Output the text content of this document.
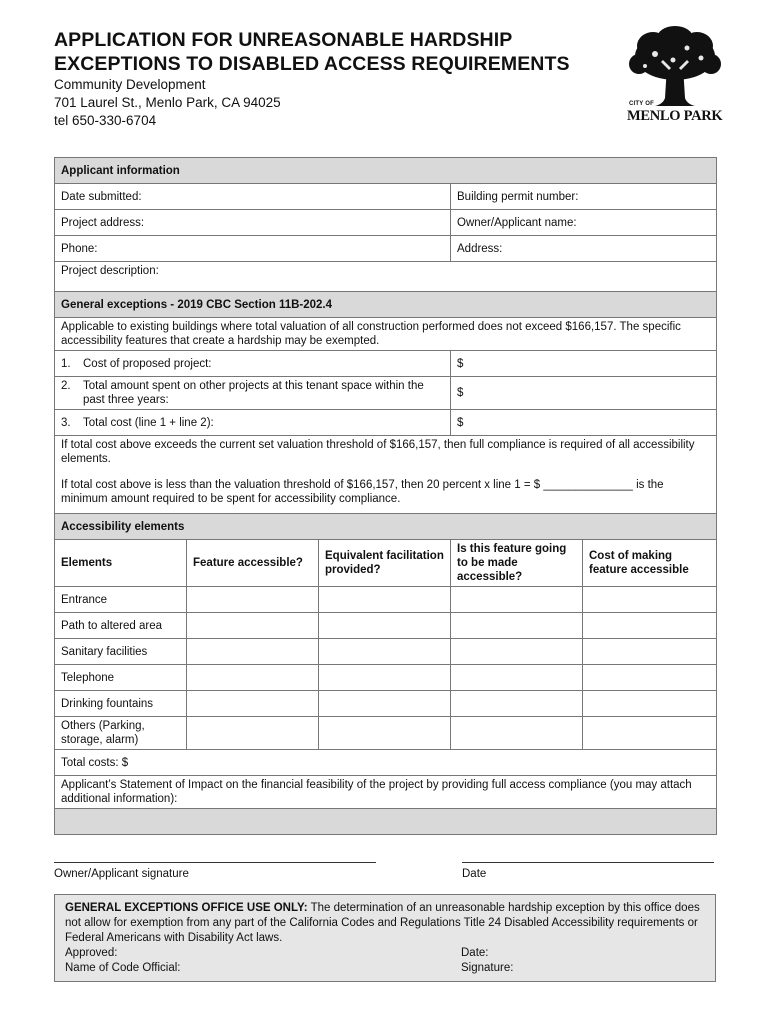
APPLICATION FOR UNREASONABLE HARDSHIP
EXCEPTIONS TO DISABLED ACCESS REQUIREMENTS
Community Development
701 Laurel St., Menlo Park, CA 94025
tel 650-330-6704
CITY OF
MENLO PARK
Applicant information				
Date submitted:			Building permit number:	
Project address:			Owner/Applicant name:	
Phone:			Address:	
Project description:				
General exceptions - 2019 CBC Section 11B-202.4				
Applicable to existing buildings where total valuation of all construction performed does not exceed $166,157. The specific accessibility features that create a hardship may be exempted.				
1. Cost of proposed project:			$	

2. Total amount spent on other projects at this tenant space within the past three years:			$	
3. Total cost (line 1 + line 2):			$	

If total cost above exceeds the current set valuation threshold of $166,157, then full compliance is required of all accessibility elements.
If total cost above is less than the valuation threshold of $166,157, then 20 percent x line 1 = $ ______________ is the minimum amount required to be spent for accessibility compliance.				

Accessibility elements				
Elements	Feature accessible?	Equivalent facilitation provided?	Is this feature going to be made accessible?	Cost of making feature accessible
Entrance				
Path to altered area				
Sanitary facilities				
Telephone				
Drinking fountains				
Others (Parking, storage, alarm)				
Total costs: $				
Applicant’s Statement of Impact on the financial feasibility of the project by providing full access compliance (you may attach additional information):				

Owner/Applicant signature	Date
GENERAL EXCEPTIONS OFFICE USE ONLY: The determination of an unreasonable hardship exception by this office does not allow for exemption from any part of the California Codes and Regulations Title 24 Disabled Accessibility requirements or Federal Americans with Disability Act laws.
Approved:	Date:
Name of Code Official:	Signature:
